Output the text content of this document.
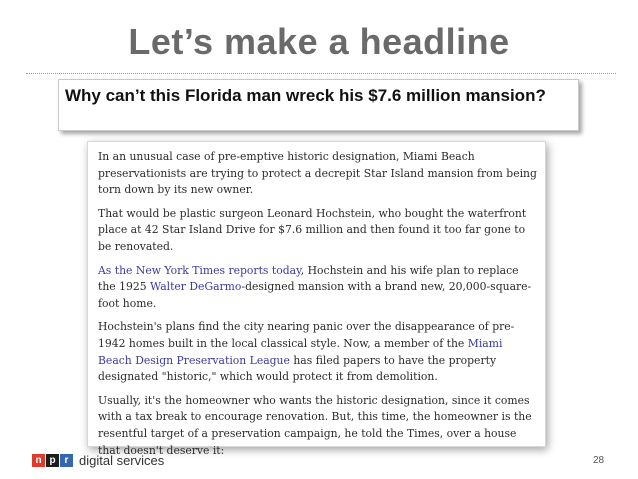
Let’s make a headline
Why can’t this Florida man wreck his $7.6 million mansion?

In an unusual case of pre-emptive historic designation, Miami Beach preservationists are trying to protect a decrepit Star Island mansion from being torn down by its new owner.

That would be plastic surgeon Leonard Hochstein, who bought the waterfront place at 42 Star Island Drive for $7.6 million and then found it too far gone to be renovated.

As the New York Times reports today, Hochstein and his wife plan to replace the 1925 Walter DeGarmo-designed mansion with a brand new, 20,000-square-foot home.

Hochstein's plans find the city nearing panic over the disappearance of pre-1942 homes built in the local classical style. Now, a member of the Miami Beach Design Preservation League has filed papers to have the property designated "historic," which would protect it from demolition.

Usually, it's the homeowner who wants the historic designation, since it comes with a tax break to encourage renovation. But, this time, the homeowner is the resentful target of a preservation campaign, he told the Times, over a house that doesn't deserve it:

n p r digital services	28
